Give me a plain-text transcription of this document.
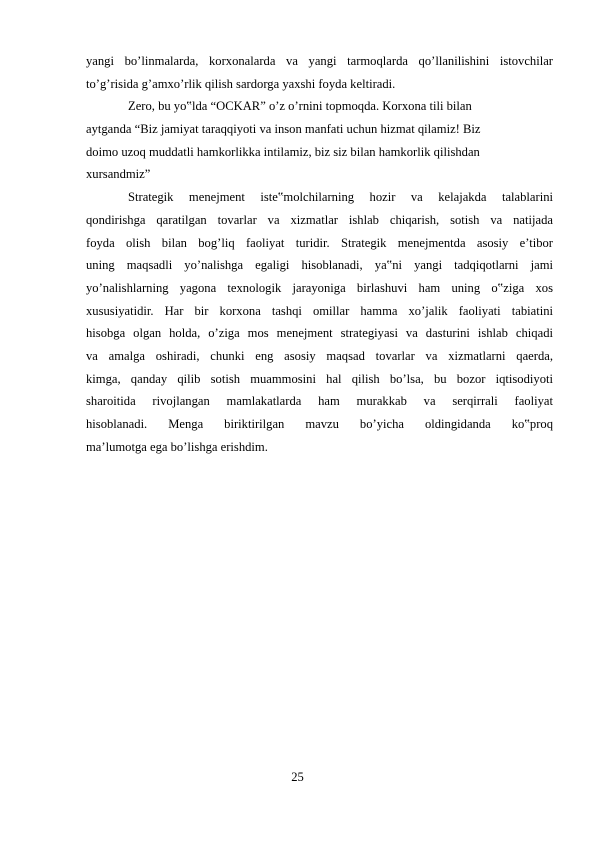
yangi bo’linmalarda, korxonalarda va yangi tarmoqlarda qo’llanilishini istovchilar
to’g’risida g’amxo’rlik qilish sardorga yaxshi foyda keltiradi.
Zero, bu yo‟lda “OCKAR” o’z o’rnini topmoqda. Korxona tili bilan
aytganda “Biz jamiyat taraqqiyoti va inson manfati uchun hizmat qilamiz! Biz
doimo uzoq muddatli hamkorlikka intilamiz, biz siz bilan hamkorlik qilishdan
xursandmiz”
Strategik menejment iste‟molchilarning hozir va kelajakda talablarini
qondirishga qaratilgan tovarlar va xizmatlar ishlab chiqarish, sotish va natijada
foyda olish bilan bog’liq faoliyat turidir. Strategik menejmentda asosiy e’tibor
uning maqsadli yo’nalishga egaligi hisoblanadi, ya‟ni yangi tadqiqotlarni jami
yo’nalishlarning yagona texnologik jarayoniga birlashuvi ham uning o‟ziga xos
xususiyatidir. Har bir korxona tashqi omillar hamma xo’jalik faoliyati tabiatini
hisobga olgan holda, o’ziga mos menejment strategiyasi va dasturini ishlab chiqadi
va amalga oshiradi, chunki eng asosiy maqsad tovarlar va xizmatlarni qaerda,
kimga, qanday qilib sotish muammosini hal qilish bo’lsa, bu bozor iqtisodiyoti
sharoitida rivojlangan mamlakatlarda ham murakkab va serqirrali faoliyat
hisoblanadi. Menga biriktirilgan mavzu bo’yicha oldingidanda ko‟proq
ma’lumotga ega bo’lishga erishdim.
25
